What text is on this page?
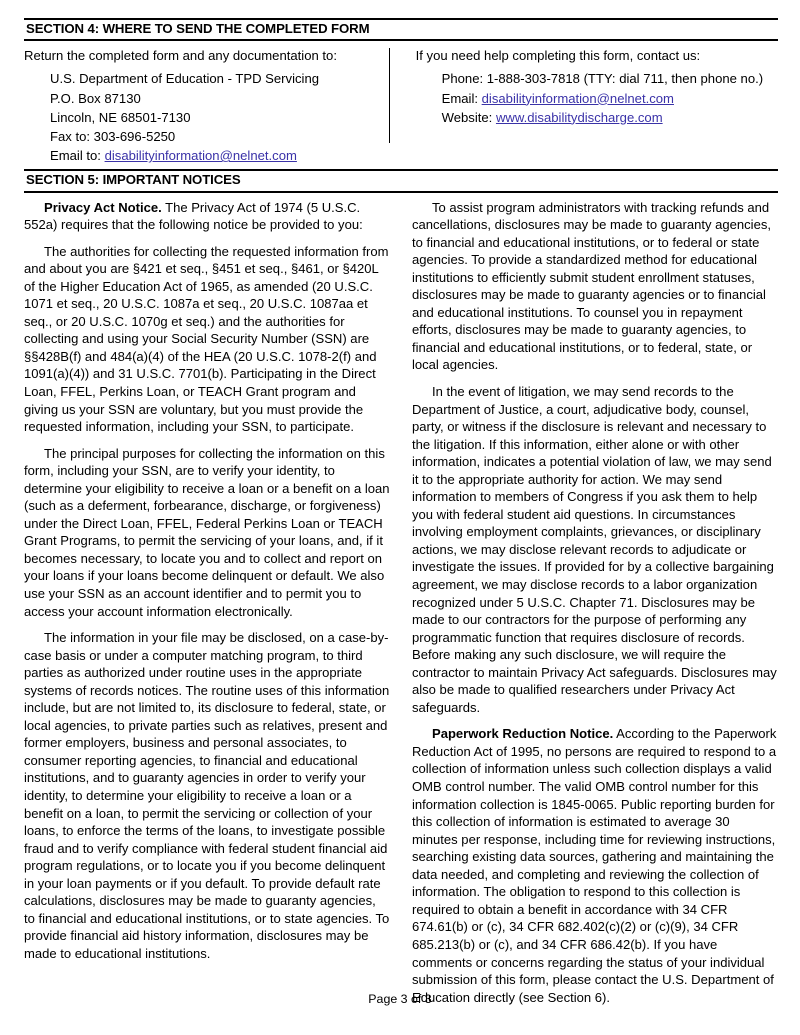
SECTION 4: WHERE TO SEND THE COMPLETED FORM

Return the completed form and any documentation to:

U.S. Department of Education - TPD Servicing
P.O. Box 87130
Lincoln, NE 68501-7130
Fax to: 303-696-5250
Email to: disabilityinformation@nelnet.com

If you need help completing this form, contact us:

Phone: 1-888-303-7818 (TTY: dial 711, then phone no.)
Email: disabilityinformation@nelnet.com
Website: www.disabilitydischarge.com
SECTION 5: IMPORTANT NOTICES

Privacy Act Notice. The Privacy Act of 1974 (5 U.S.C. 552a) requires that the following notice be provided to you:

The authorities for collecting the requested information from and about you are §421 et seq., §451 et seq., §461, or §420L of the Higher Education Act of 1965, as amended (20 U.S.C. 1071 et seq., 20 U.S.C. 1087a et seq., 20 U.S.C. 1087aa et seq., or 20 U.S.C. 1070g et seq.) and the authorities for collecting and using your Social Security Number (SSN) are §§428B(f) and 484(a)(4) of the HEA (20 U.S.C. 1078-2(f) and 1091(a)(4)) and 31 U.S.C. 7701(b). Participating in the Direct Loan, FFEL, Perkins Loan, or TEACH Grant program and giving us your SSN are voluntary, but you must provide the requested information, including your SSN, to participate.

The principal purposes for collecting the information on this form, including your SSN, are to verify your identity, to determine your eligibility to receive a loan or a benefit on a loan (such as a deferment, forbearance, discharge, or forgiveness) under the Direct Loan, FFEL, Federal Perkins Loan or TEACH Grant Programs, to permit the servicing of your loans, and, if it becomes necessary, to locate you and to collect and report on your loans if your loans become delinquent or default. We also use your SSN as an account identifier and to permit you to access your account information electronically.

The information in your file may be disclosed, on a case-by-case basis or under a computer matching program, to third parties as authorized under routine uses in the appropriate systems of records notices. The routine uses of this information include, but are not limited to, its disclosure to federal, state, or local agencies, to private parties such as relatives, present and former employers, business and personal associates, to consumer reporting agencies, to financial and educational institutions, and to guaranty agencies in order to verify your identity, to determine your eligibility to receive a loan or a benefit on a loan, to permit the servicing or collection of your loans, to enforce the terms of the loans, to investigate possible fraud and to verify compliance with federal student financial aid program regulations, or to locate you if you become delinquent in your loan payments or if you default. To provide default rate calculations, disclosures may be made to guaranty agencies, to financial and educational institutions, or to state agencies. To provide financial aid history information, disclosures may be made to educational institutions.

To assist program administrators with tracking refunds and cancellations, disclosures may be made to guaranty agencies, to financial and educational institutions, or to federal or state agencies. To provide a standardized method for educational institutions to efficiently submit student enrollment statuses, disclosures may be made to guaranty agencies or to financial and educational institutions. To counsel you in repayment efforts, disclosures may be made to guaranty agencies, to financial and educational institutions, or to federal, state, or local agencies.

In the event of litigation, we may send records to the Department of Justice, a court, adjudicative body, counsel, party, or witness if the disclosure is relevant and necessary to the litigation. If this information, either alone or with other information, indicates a potential violation of law, we may send it to the appropriate authority for action. We may send information to members of Congress if you ask them to help you with federal student aid questions. In circumstances involving employment complaints, grievances, or disciplinary actions, we may disclose relevant records to adjudicate or investigate the issues. If provided for by a collective bargaining agreement, we may disclose records to a labor organization recognized under 5 U.S.C. Chapter 71. Disclosures may be made to our contractors for the purpose of performing any programmatic function that requires disclosure of records. Before making any such disclosure, we will require the contractor to maintain Privacy Act safeguards. Disclosures may also be made to qualified researchers under Privacy Act safeguards.

Paperwork Reduction Notice. According to the Paperwork Reduction Act of 1995, no persons are required to respond to a collection of information unless such collection displays a valid OMB control number. The valid OMB control number for this information collection is 1845-0065. Public reporting burden for this collection of information is estimated to average 30 minutes per response, including time for reviewing instructions, searching existing data sources, gathering and maintaining the data needed, and completing and reviewing the collection of information. The obligation to respond to this collection is required to obtain a benefit in accordance with 34 CFR 674.61(b) or (c), 34 CFR 682.402(c)(2) or (c)(9), 34 CFR 685.213(b) or (c), and 34 CFR 686.42(b). If you have comments or concerns regarding the status of your individual submission of this form, please contact the U.S. Department of Education directly (see Section 6).

Page 3 of 3
